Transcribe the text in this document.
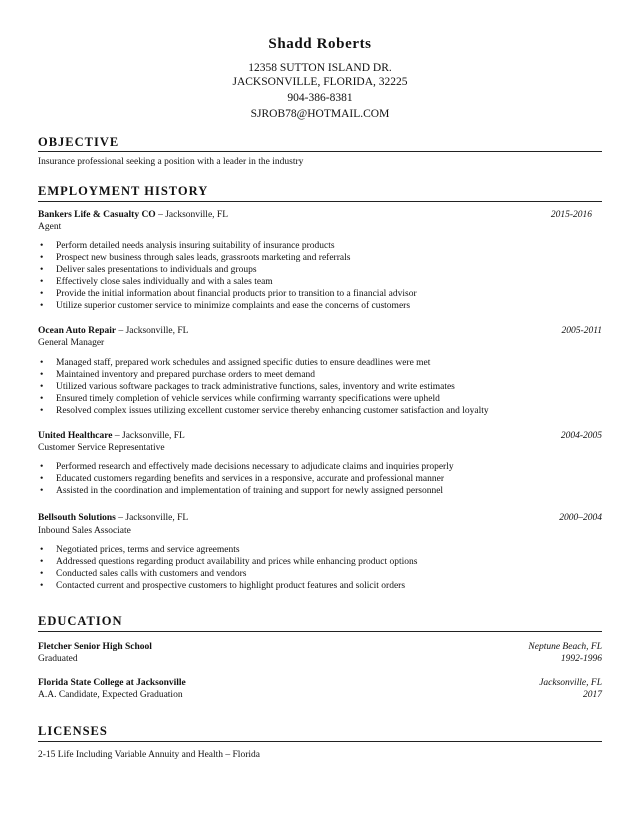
Shadd Roberts
12358 SUTTON ISLAND DR.
JACKSONVILLE, FLORIDA, 32225
904-386-8381
SJROB78@HOTMAIL.COM
OBJECTIVE
Insurance professional seeking a position with a leader in the industry
EMPLOYMENT HISTORY
Bankers Life & Casualty CO – Jacksonville, FL	2015-2016
Agent
• Perform detailed needs analysis insuring suitability of insurance products
• Prospect new business through sales leads, grassroots marketing and referrals
• Deliver sales presentations to individuals and groups
• Effectively close sales individually and with a sales team
• Provide the initial information about financial products prior to transition to a financial advisor
• Utilize superior customer service to minimize complaints and ease the concerns of customers
Ocean Auto Repair – Jacksonville, FL	2005-2011
General Manager
• Managed staff, prepared work schedules and assigned specific duties to ensure deadlines were met
• Maintained inventory and prepared purchase orders to meet demand
• Utilized various software packages to track administrative functions, sales, inventory and write estimates
• Ensured timely completion of vehicle services while confirming warranty specifications were upheld
• Resolved complex issues utilizing excellent customer service thereby enhancing customer satisfaction and loyalty
United Healthcare – Jacksonville, FL	2004-2005
Customer Service Representative
• Performed research and effectively made decisions necessary to adjudicate claims and inquiries properly
• Educated customers regarding benefits and services in a responsive, accurate and professional manner
• Assisted in the coordination and implementation of training and support for newly assigned personnel
Bellsouth Solutions – Jacksonville, FL	2000–2004
Inbound Sales Associate
• Negotiated prices, terms and service agreements
• Addressed questions regarding product availability and prices while enhancing product options
• Conducted sales calls with customers and vendors
• Contacted current and prospective customers to highlight product features and solicit orders
EDUCATION
Fletcher Senior High School	Neptune Beach, FL
Graduated	1992-1996
Florida State College at Jacksonville	Jacksonville, FL
A.A. Candidate, Expected Graduation	2017
LICENSES
2-15 Life Including Variable Annuity and Health – Florida
